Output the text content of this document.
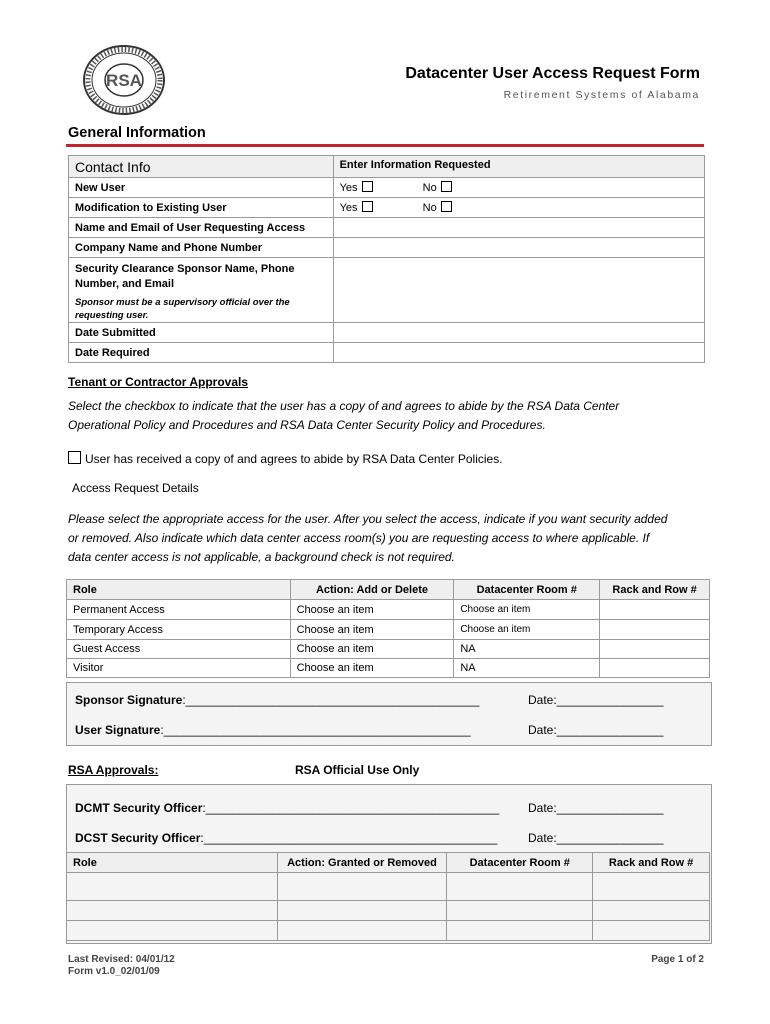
RSA	Datacenter User Access Request Form
Retirement Systems of Alabama
General Information
Contact Info	Enter Information Requested
New User	Yes No
Modification to Existing User	Yes No
Name and Email of User Requesting Access	
Company Name and Phone Number	

Security Clearance Sponsor Name, Phone Number, and Email
Sponsor must be a supervisory official over the requesting user.	

Date Submitted	
Date Required	
Tenant or Contractor Approvals
Select the checkbox to indicate that the user has a copy of and agrees to abide by the RSA Data Center
Operational Policy and Procedures and RSA Data Center Security Policy and Procedures.
User has received a copy of and agrees to abide by RSA Data Center Policies.
Access Request Details
Please select the appropriate access for the user. After you select the access, indicate if you want security added
or removed. Also indicate which data center access room(s) you are requesting access to where applicable. If
data center access is not applicable, a background check is not required.
Role	Action: Add or Delete	Datacenter Room #	Rack and Row #
Permanent Access	Choose an item	Choose an item	
Temporary Access	Choose an item	Choose an item	
Guest Access	Choose an item	NA	
Visitor	Choose an item	NA	
Sponsor Signature:____________________________________________	Date:________________
User Signature:______________________________________________	Date:________________
RSA Approvals:	RSA Official Use Only
DCMT Security Officer:____________________________________________ Date:________________
DCST Security Officer:____________________________________________	Date:________________
Role	Action: Granted or Removed	Datacenter Room #	Rack and Row #

Last Revised: 04/01/12
Form v1.0_02/01/09
Page 1 of 2
